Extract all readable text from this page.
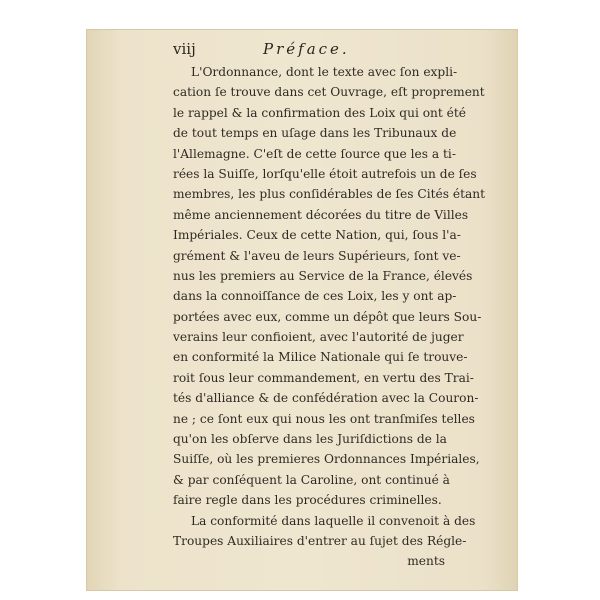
viij	Préface.
L'Ordonnance, dont le texte avec ſon expli-
cation ſe trouve dans cet Ouvrage, eſt proprement
le rappel & la confirmation des Loix qui ont été
de tout temps en uſage dans les Tribunaux de
l'Allemagne. C'eſt de cette ſource que les a ti-
rées la Suiſſe, lorſqu'elle étoit autrefois un de ſes
membres, les plus conſidérables de ſes Cités étant
même anciennement décorées du titre de Villes
Impériales. Ceux de cette Nation, qui, ſous l'a-
grément & l'aveu de leurs Supérieurs, ſont ve-
nus les premiers au Service de la France, élevés
dans la connoiſſance de ces Loix, les y ont ap-
portées avec eux, comme un dépôt que leurs Sou-
verains leur confioient, avec l'autorité de juger
en conformité la Milice Nationale qui ſe trouve-
roit ſous leur commandement, en vertu des Trai-
tés d'alliance & de confédération avec la Couron-
ne ; ce ſont eux qui nous les ont tranſmiſes telles
qu'on les obſerve dans les Juriſdictions de la
Suiſſe, où les premieres Ordonnances Impériales,
& par conſéquent la Caroline, ont continué à
faire regle dans les procédures criminelles.
La conformité dans laquelle il convenoit à des
Troupes Auxiliaires d'entrer au ſujet des Régle-
ments
